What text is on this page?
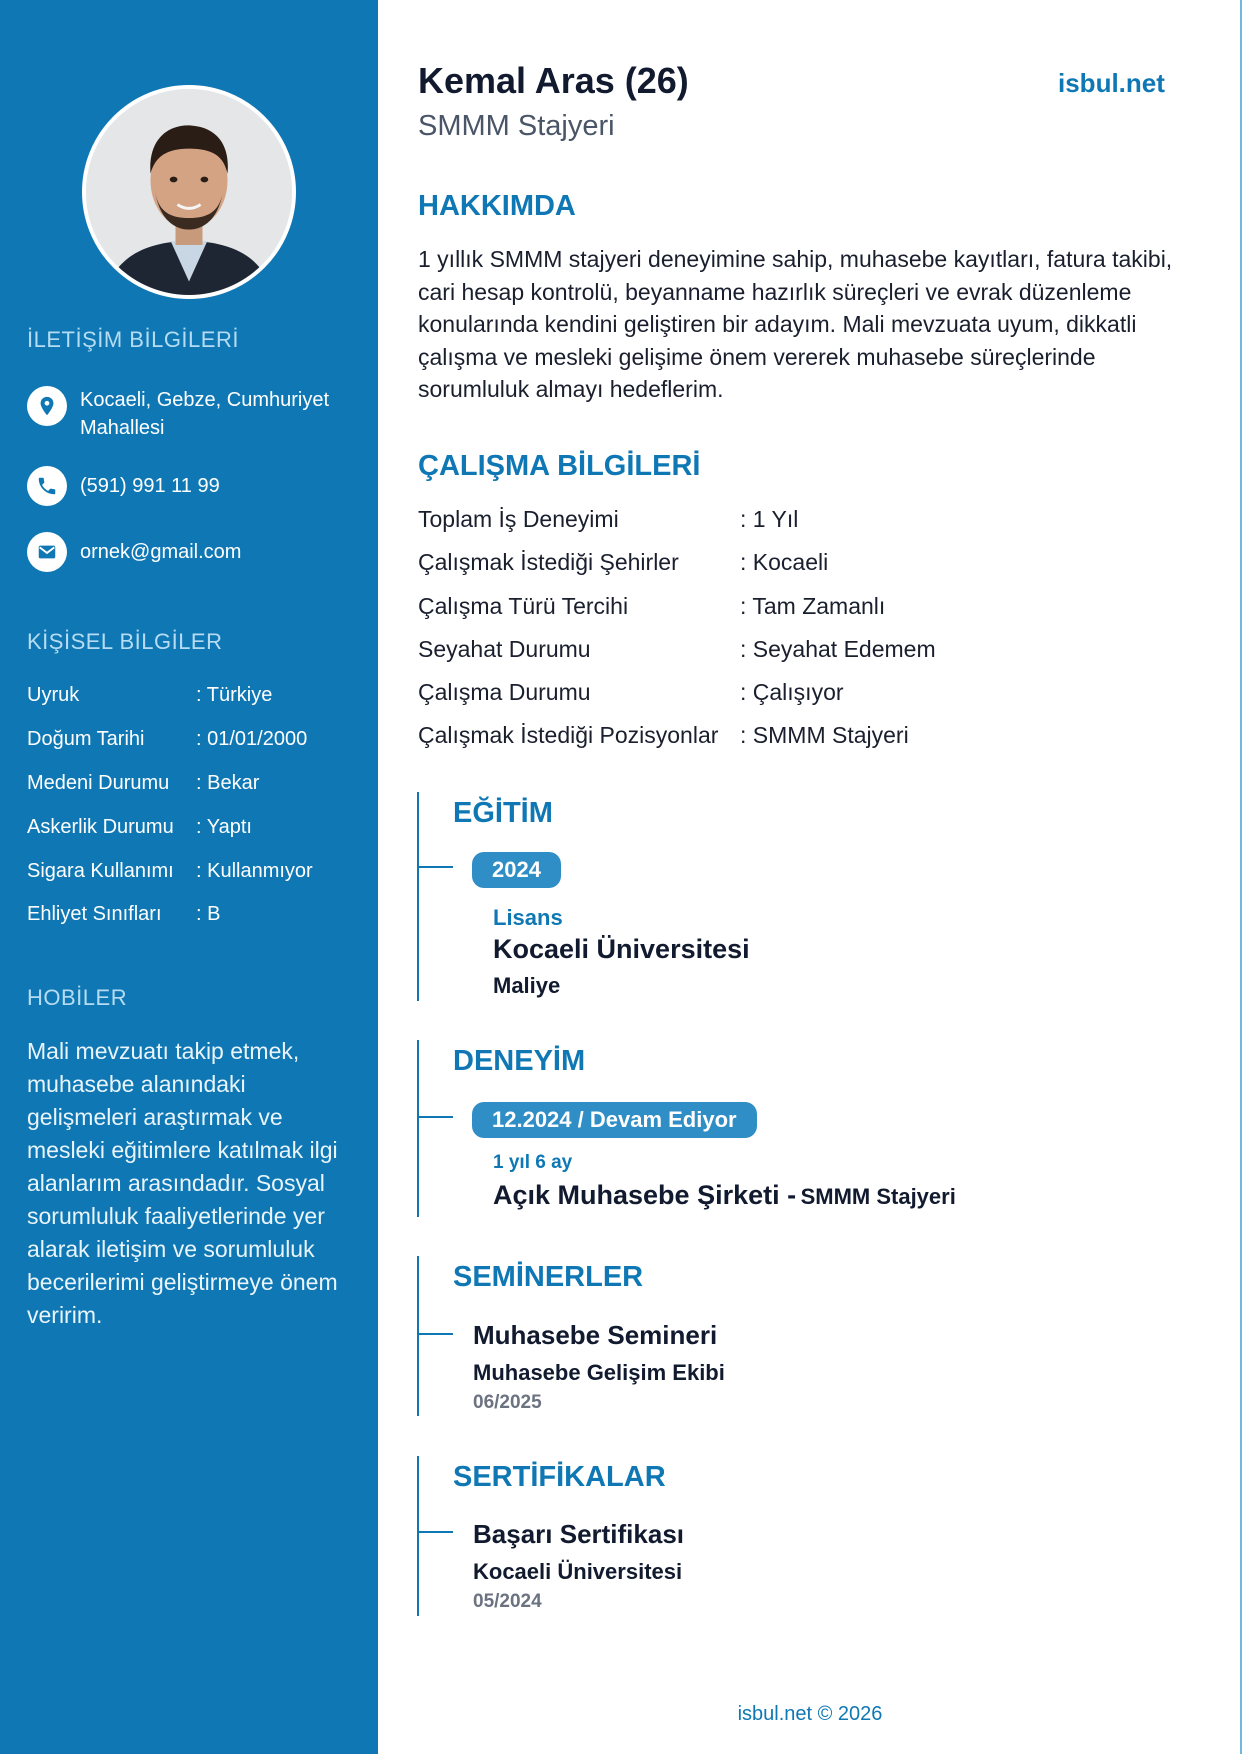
İLETİŞİM BİLGİLERİ
Kocaeli, Gebze, Cumhuriyet
Mahallesi
(591) 991 11 99
ornek@gmail.com
KİŞİSEL BİLGİLER
Uyruk	: Türkiye
Doğum Tarihi	: 01/01/2000
Medeni Durumu : Bekar
Askerlik Durumu : Yaptı
Sigara Kullanımı : Kullanmıyor
Ehliyet Sınıfları : B
HOBİLER
Mali mevzuatı takip etmek, muhasebe alanındaki gelişmeleri araştırmak ve mesleki eğitimlere katılmak ilgi alanlarım arasındadır. Sosyal sorumluluk faaliyetlerinde yer alarak iletişim ve sorumluluk becerilerimi geliştirmeye önem veririm.
Kemal Aras (26)
SMMM Stajyeri
isbul.net
HAKKIMDA
1 yıllık SMMM stajyeri deneyimine sahip, muhasebe kayıtları, fatura takibi, cari hesap kontrolü, beyanname hazırlık süreçleri ve evrak düzenleme konularında kendini geliştiren bir adayım. Mali mevzuata uyum, dikkatli çalışma ve mesleki gelişime önem vererek muhasebe süreçlerinde sorumluluk almayı hedeflerim.
ÇALIŞMA BİLGİLERİ
Toplam İş Deneyimi	: 1 Yıl
Çalışmak İstediği Şehirler	: Kocaeli
Çalışma Türü Tercihi	: Tam Zamanlı
Seyahat Durumu	: Seyahat Edemem
Çalışma Durumu	: Çalışıyor
Çalışmak İstediği Pozisyonlar : SMMM Stajyeri
EĞİTİM
2024
Lisans
Kocaeli Üniversitesi
Maliye
DENEYİM
12.2024 / Devam Ediyor
1 yıl 6 ay
Açık Muhasebe Şirketi - SMMM Stajyeri
SEMİNERLER
Muhasebe Semineri
Muhasebe Gelişim Ekibi
06/2025
SERTİFİKALAR
Başarı Sertifikası
Kocaeli Üniversitesi
05/2024
isbul.net © 2026
